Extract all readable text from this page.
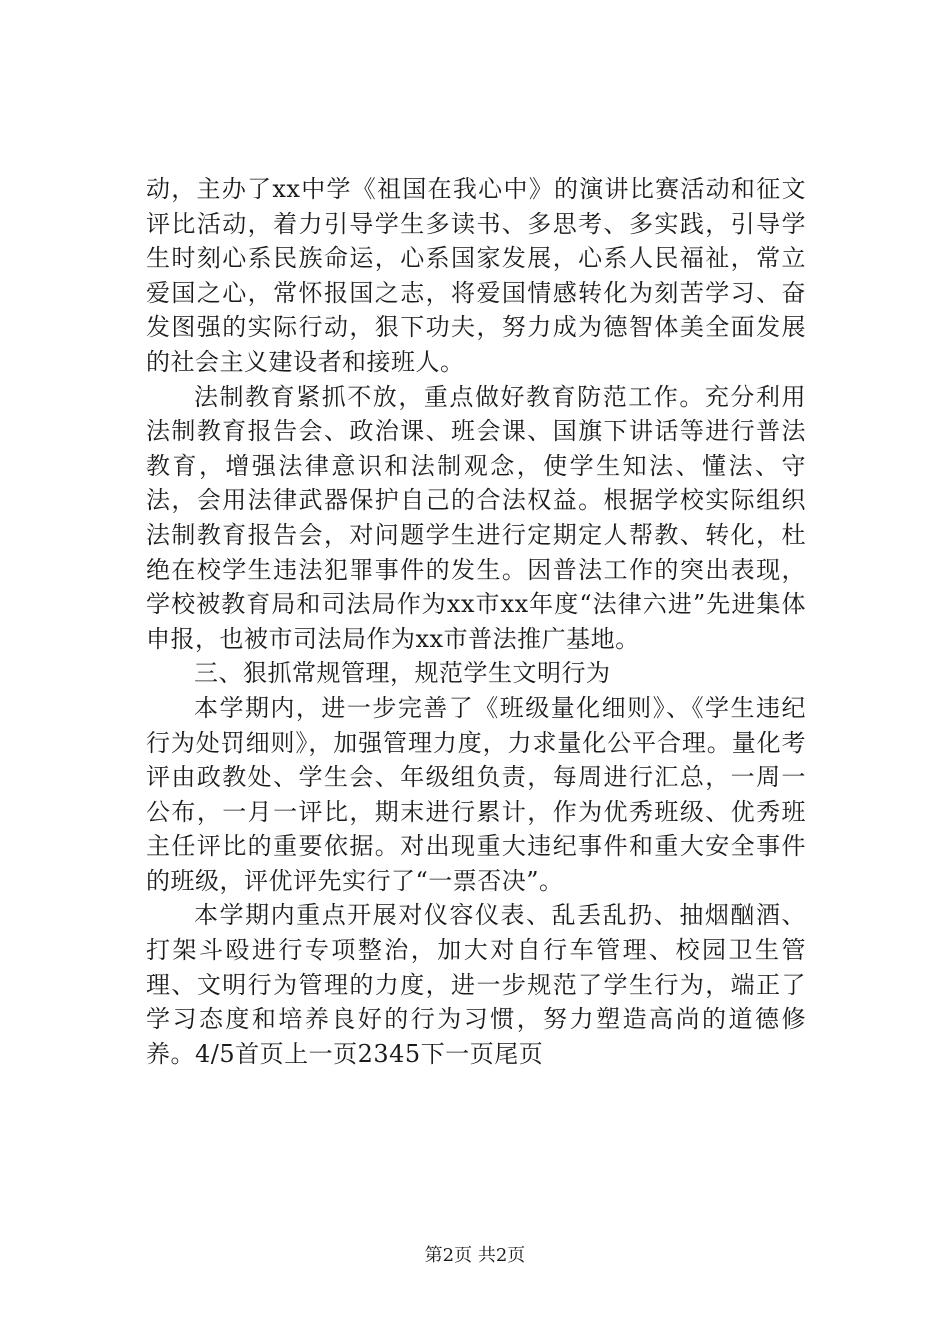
动，主办了xx中学《祖国在我心中》的演讲比赛活动和征文评比活动，着力引导学生多读书、多思考、多实践，引导学生时刻心系民族命运，心系国家发展，心系人民福祉，常立爱国之心，常怀报国之志，将爱国情感转化为刻苦学习、奋发图强的实际行动，狠下功夫，努力成为德智体美全面发展的社会主义建设者和接班人。

法制教育紧抓不放，重点做好教育防范工作。充分利用法制教育报告会、政治课、班会课、国旗下讲话等进行普法教育，增强法律意识和法制观念，使学生知法、懂法、守法，会用法律武器保护自己的合法权益。根据学校实际组织法制教育报告会，对问题学生进行定期定人帮教、转化，杜绝在校学生违法犯罪事件的发生。因普法工作的突出表现，学校被教育局和司法局作为xx市xx年度“法律六进”先进集体申报，也被市司法局作为xx市普法推广基地。

三、狠抓常规管理，规范学生文明行为

本学期内，进一步完善了《班级量化细则》、《学生违纪行为处罚细则》，加强管理力度，力求量化公平合理。量化考评由政教处、学生会、年级组负责，每周进行汇总，一周一公布，一月一评比，期末进行累计，作为优秀班级、优秀班主任评比的重要依据。对出现重大违纪事件和重大安全事件的班级，评优评先实行了“一票否决”。

本学期内重点开展对仪容仪表、乱丢乱扔、抽烟酗酒、打架斗殴进行专项整治，加大对自行车管理、校园卫生管理、文明行为管理的力度，进一步规范了学生行为，端正了学习态度和培养良好的行为习惯，努力塑造高尚的道德修养。4/5首页上一页2345下一页尾页

第2页 共2页
